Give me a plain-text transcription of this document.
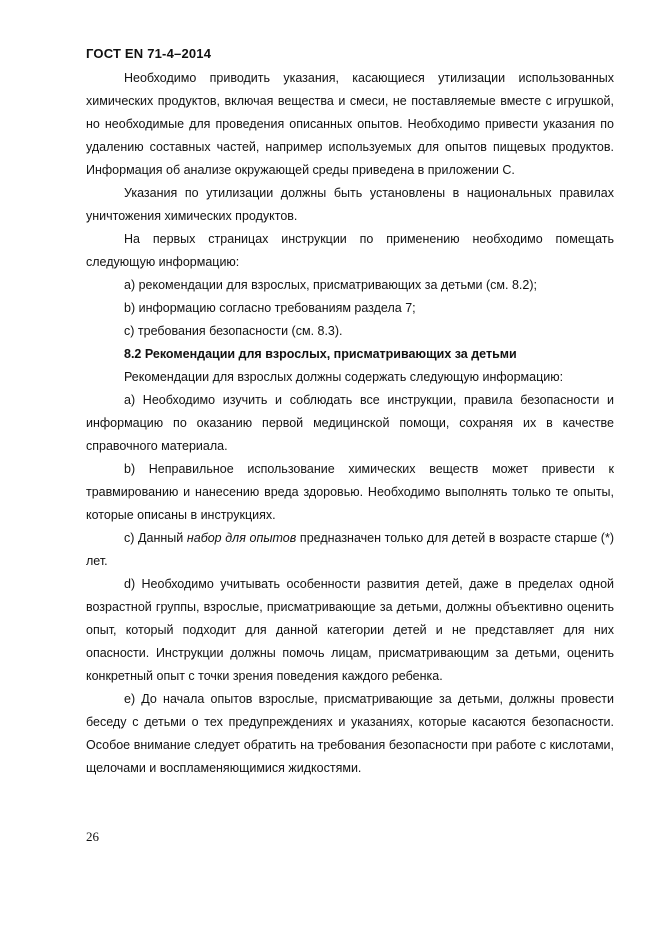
ГОСТ EN 71-4–2014

Необходимо приводить указания, касающиеся утилизации использованных химических продуктов, включая вещества и смеси, не поставляемые вместе с игрушкой, но необходимые для проведения описанных опытов. Необходимо привести указания по удалению составных частей, например используемых для опытов пищевых продуктов. Информация об анализе окружающей среды приведена в приложении С.

Указания по утилизации должны быть установлены в национальных правилах уничтожения химических продуктов.

На первых страницах инструкции по применению необходимо помещать следующую информацию:

a) рекомендации для взрослых, присматривающих за детьми (см. 8.2);

b) информацию согласно требованиям раздела 7;

c) требования безопасности (см. 8.3).

8.2 Рекомендации для взрослых, присматривающих за детьми

Рекомендации для взрослых должны содержать следующую информацию:

а) Необходимо изучить и соблюдать все инструкции, правила безопасности и информацию по оказанию первой медицинской помощи, сохраняя их в качестве справочного материала.

b) Неправильное использование химических веществ может привести к травмированию и нанесению вреда здоровью. Необходимо выполнять только те опыты, которые описаны в инструкциях.

c) Данный набор для опытов предназначен только для детей в возрасте старше (*) лет.

d) Необходимо учитывать особенности развития детей, даже в пределах одной возрастной группы, взрослые, присматривающие за детьми, должны объективно оценить опыт, который подходит для данной категории детей и не представляет для них опасности. Инструкции должны помочь лицам, присматривающим за детьми, оценить конкретный опыт с точки зрения поведения каждого ребенка.

e) До начала опытов взрослые, присматривающие за детьми, должны провести беседу с детьми о тех предупреждениях и указаниях, которые касаются безопасности. Особое внимание следует обратить на требования безопасности при работе с кислотами, щелочами и воспламеняющимися жидкостями.

26
